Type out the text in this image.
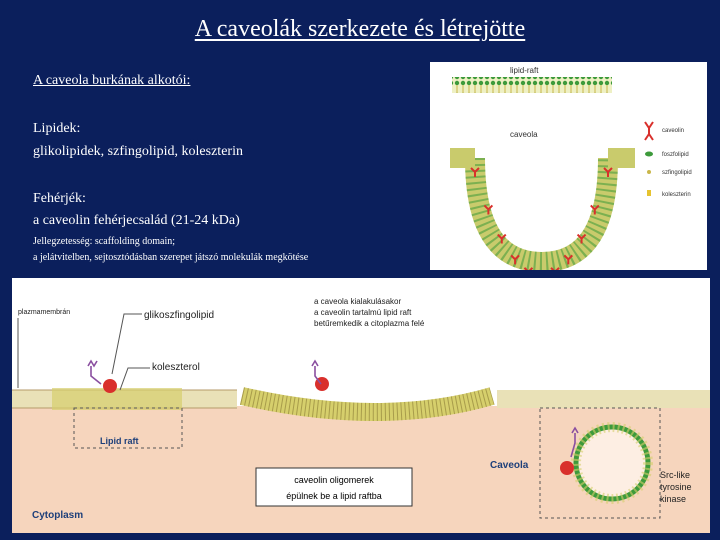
A caveolák szerkezete és létrejötte
A caveola burkának alkotói:
Lipidek:
glikolipidek, szfingolipid, koleszterin
Fehérjék:
a caveolin fehérjecsalád (21-24 kDa)
Jellegzetesség: scaffolding domain;
a jelátvitelben, sejtosztódásban szerepet játszó molekulák megkötése
lipid-raft
caveola	caveolin
foszfolipid
szfingolipid
koleszterin
Lipid raft
plazmamembrán	glikoszfingolipid
koleszterol
a caveola kialakulásakor
a caveolin tartalmú lipid raft
betűremkedik a citoplazma felé
Caveola
Src-like
tyrosine
kinase
Cytoplasm
caveolin oligomerek
épülnek be a lipid raftba
